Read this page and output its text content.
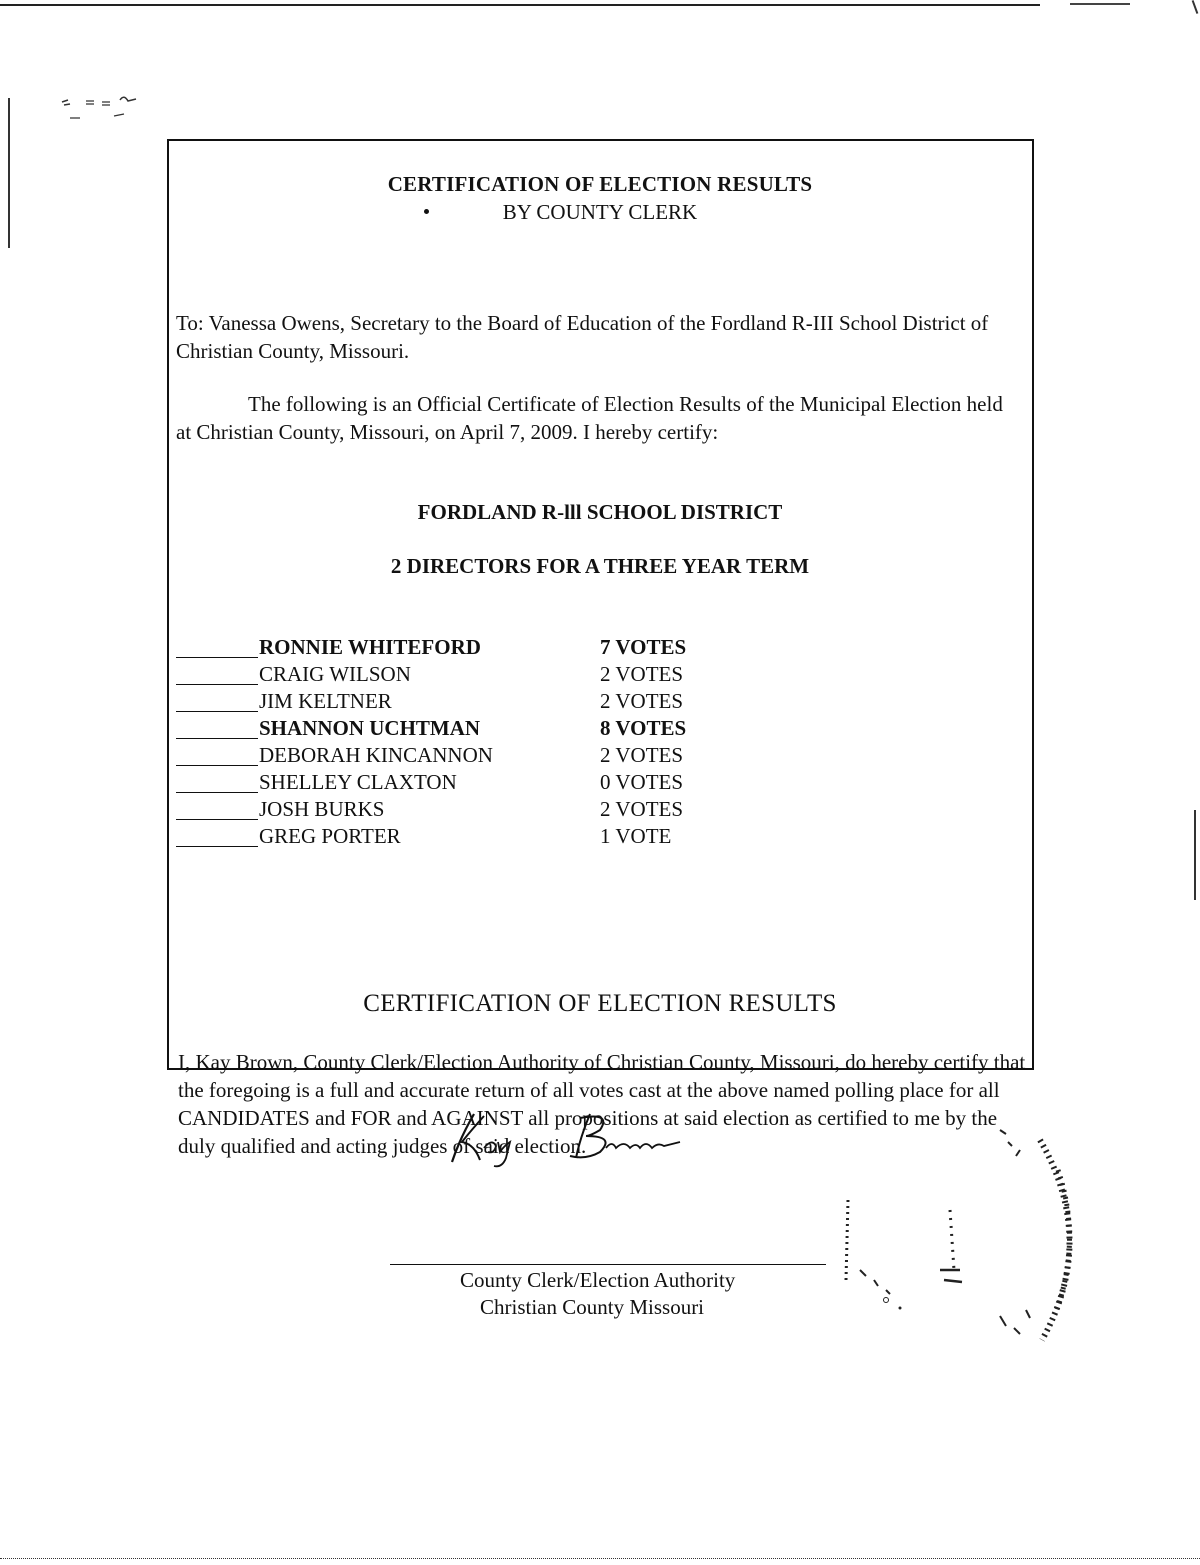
CERTIFICATION OF ELECTION RESULTS
BY COUNTY CLERK
To: Vanessa Owens, Secretary to the Board of Education of the Fordland R-III School District of Christian County, Missouri.
The following is an Official Certificate of Election Results of the Municipal Election held at Christian County, Missouri, on April 7, 2009. I hereby certify:
FORDLAND R-lll SCHOOL DISTRICT
2 DIRECTORS FOR A THREE YEAR TERM
RONNIE WHITEFORD	7 VOTES
CRAIG WILSON	2 VOTES
JIM KELTNER	2 VOTES
SHANNON UCHTMAN	8 VOTES
DEBORAH KINCANNON	2 VOTES
SHELLEY CLAXTON	0 VOTES
JOSH BURKS	2 VOTES
GREG PORTER	1 VOTE
CERTIFICATION OF ELECTION RESULTS
I, Kay Brown, County Clerk/Election Authority of Christian County, Missouri, do hereby certify that the foregoing is a full and accurate return of all votes cast at the above named polling place for all CANDIDATES and FOR and AGAINST all propositions at said election as certified to me by the duly qualified and acting judges of said election.
County Clerk/Election Authority
Christian County Missouri
